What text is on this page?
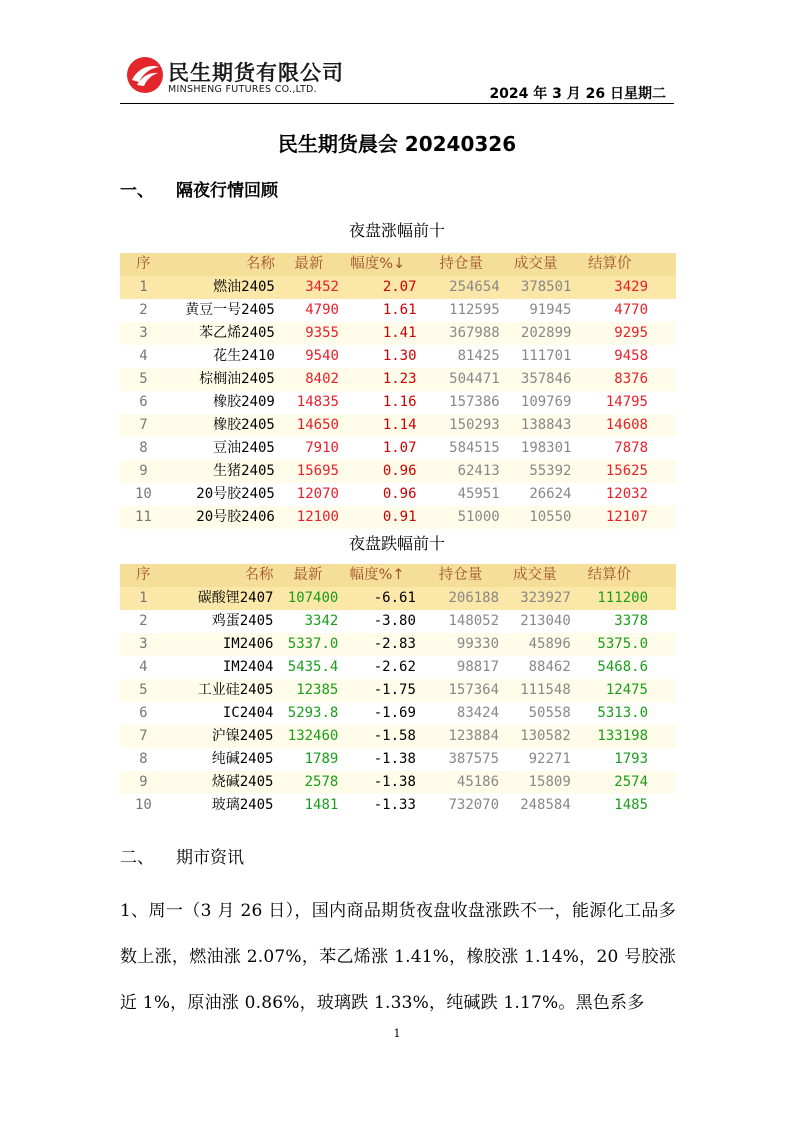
民生期货有限公司
MINSHENG FUTURES CO.,LTD.	2024 年 3 月 26 日星期二
民生期货晨会 20240326
一、 隔夜行情回顾
夜盘涨幅前十
序	名称	最新	幅度%↓	持仓量	成交量	结算价
1	燃油2405	3452	2.07	254654	378501	3429
2	黄豆一号2405	4790	1.61	112595	91945	4770
3	苯乙烯2405	9355	1.41	367988	202899	9295
4	花生2410	9540	1.30	81425	111701	9458
5	棕榈油2405	8402	1.23	504471	357846	8376
6	橡胶2409	14835	1.16	157386	109769	14795
7	橡胶2405	14650	1.14	150293	138843	14608
8	豆油2405	7910	1.07	584515	198301	7878
9	生猪2405	15695	0.96	62413	55392	15625
10	20号胶2405	12070	0.96	45951	26624	12032
11	20号胶2406	12100	0.91	51000	10550	12107
夜盘跌幅前十
序	名称	最新	幅度%↑	持仓量	成交量	结算价
1	碳酸锂2407	107400	-6.61	206188	323927	111200
2	鸡蛋2405	3342	-3.80	148052	213040	3378
3	IM2406	5337.0	-2.83	99330	45896	5375.0
4	IM2404	5435.4	-2.62	98817	88462	5468.6
5	工业硅2405	12385	-1.75	157364	111548	12475
6	IC2404	5293.8	-1.69	83424	50558	5313.0
7	沪镍2405	132460	-1.58	123884	130582	133198
8	纯碱2405	1789	-1.38	387575	92271	1793
9	烧碱2405	2578	-1.38	45186	15809	2574
10	玻璃2405	1481	-1.33	732070	248584	1485
二、 期市资讯
1、周一（3 月 26 日），国内商品期货夜盘收盘涨跌不一，能源化工品多数上涨，燃油涨 2.07%，苯乙烯涨 1.41%，橡胶涨 1.14%，20 号胶涨近 1%，原油涨 0.86%，玻璃跌 1.33%，纯碱跌 1.17%。黑色系多
1
